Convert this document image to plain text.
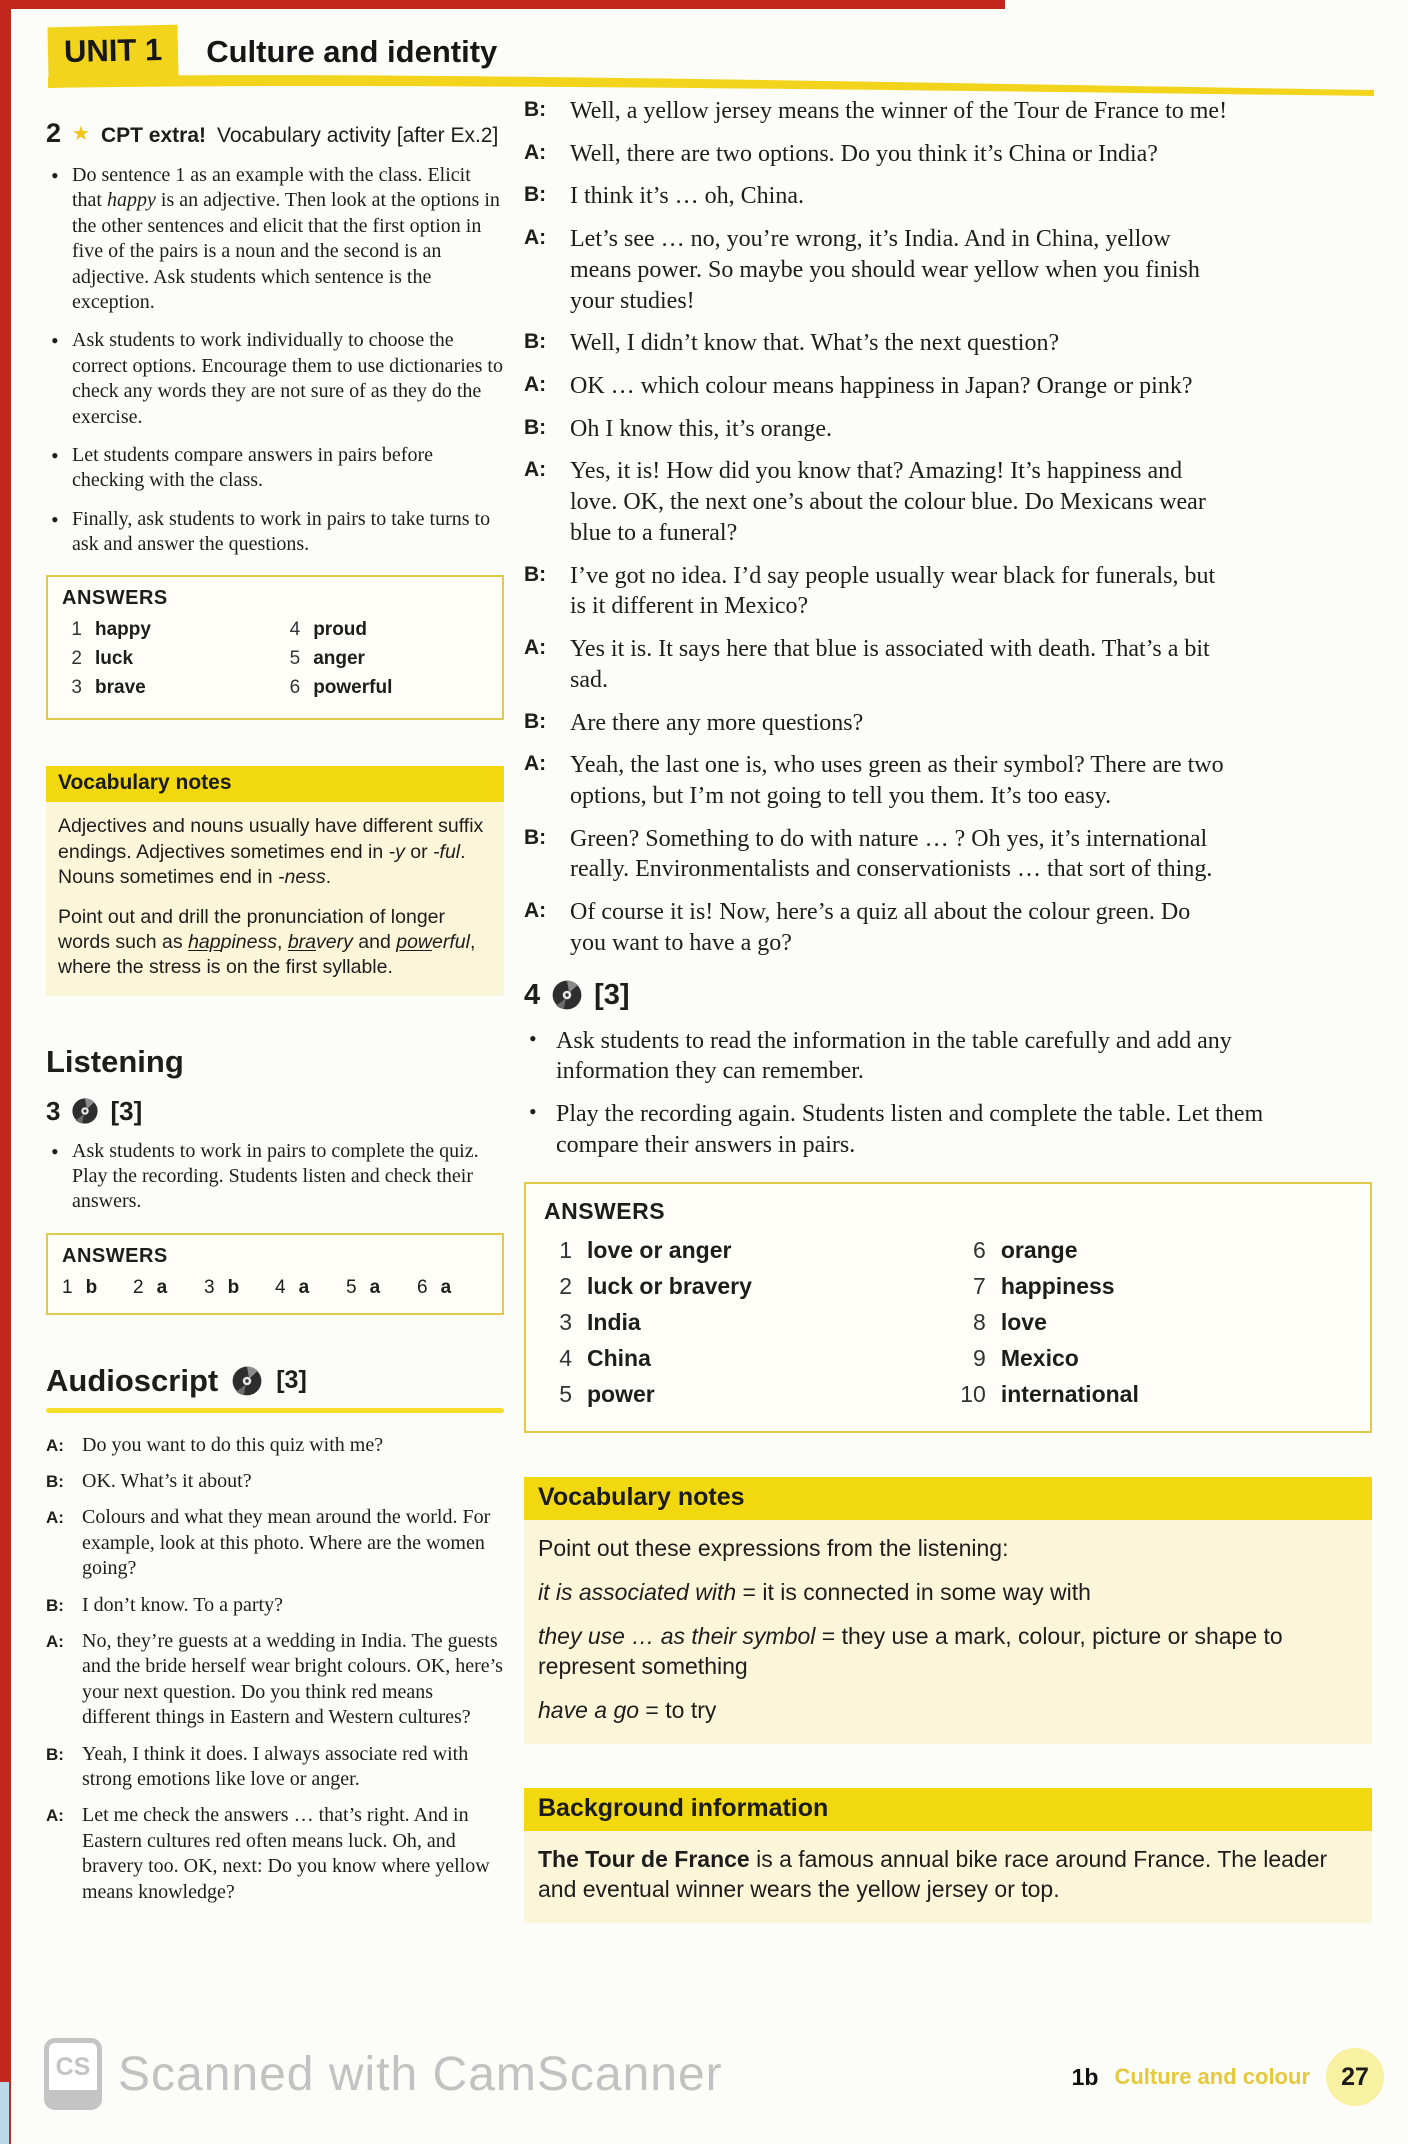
UNIT 1	Culture and identity
2 ★ CPT extra! Vocabulary activity [after Ex.2]
• Do sentence 1 as an example with the class. Elicit that happy is an adjective. Then look at the options in the other sentences and elicit that the first option in five of the pairs is a noun and the second is an adjective. Ask students which sentence is the exception.
• Ask students to work individually to choose the correct options. Encourage them to use dictionaries to check any words they are not sure of as they do the exercise.
• Let students compare answers in pairs before checking with the class.
• Finally, ask students to work in pairs to take turns to ask and answer the questions.
ANSWERS
1 happy
2 luck
3 brave
4 proud
5 anger
6 powerful
Vocabulary notes

Adjectives and nouns usually have different suffix endings. Adjectives sometimes end in -y or -ful. Nouns sometimes end in -ness.

Point out and drill the pronunciation of longer words such as happiness, bravery and powerful, where the stress is on the first syllable.

Listening
3 [3]
• Ask students to work in pairs to complete the quiz. Play the recording. Students listen and check their answers.
ANSWERS
1 b 2 a 3 b 4 a 5 a 6 a
Audioscript [3]
A: Do you want to do this quiz with me?
B: OK. What’s it about?
A: Colours and what they mean around the world. For example, look at this photo. Where are the women going?
B: I don’t know. To a party?
A: No, they’re guests at a wedding in India. The guests and the bride herself wear bright colours. OK, here’s your next question. Do you think red means different things in Eastern and Western cultures?
B: Yeah, I think it does. I always associate red with strong emotions like love or anger.
A: Let me check the answers … that’s right. And in Eastern cultures red often means luck. Oh, and bravery too. OK, next: Do you know where yellow means knowledge?
B: Well, a yellow jersey means the winner of the Tour de France to me!
A: Well, there are two options. Do you think it’s China or India?
B: I think it’s … oh, China.
A: Let’s see … no, you’re wrong, it’s India. And in China, yellow means power. So maybe you should wear yellow when you finish your studies!
B: Well, I didn’t know that. What’s the next question?
A: OK … which colour means happiness in Japan? Orange or pink?
B: Oh I know this, it’s orange.
A: Yes, it is! How did you know that? Amazing! It’s happiness and love. OK, the next one’s about the colour blue. Do Mexicans wear blue to a funeral?
B: I’ve got no idea. I’d say people usually wear black for funerals, but is it different in Mexico?
A: Yes it is. It says here that blue is associated with death. That’s a bit sad.
B: Are there any more questions?
A: Yeah, the last one is, who uses green as their symbol? There are two options, but I’m not going to tell you them. It’s too easy.
B: Green? Something to do with nature … ? Oh yes, it’s international really. Environmentalists and conservationists … that sort of thing.
A: Of course it is! Now, here’s a quiz all about the colour green. Do you want to have a go?
4 [3]
• Ask students to read the information in the table carefully and add any information they can remember.
• Play the recording again. Students listen and complete the table. Let them compare their answers in pairs.
ANSWERS
1 love or anger
2 luck or bravery
3 India
4 China
5 power
6 orange
7 happiness
8 love
9 Mexico
10 international
Vocabulary notes

Point out these expressions from the listening:

it is associated with = it is connected in some way with

they use … as their symbol = they use a mark, colour, picture or shape to represent something

have a go = to try

Background information

The Tour de France is a famous annual bike race around France. The leader and eventual winner wears the yellow jersey or top.

CS Scanned with CamScanner	1b Culture and colour	27
